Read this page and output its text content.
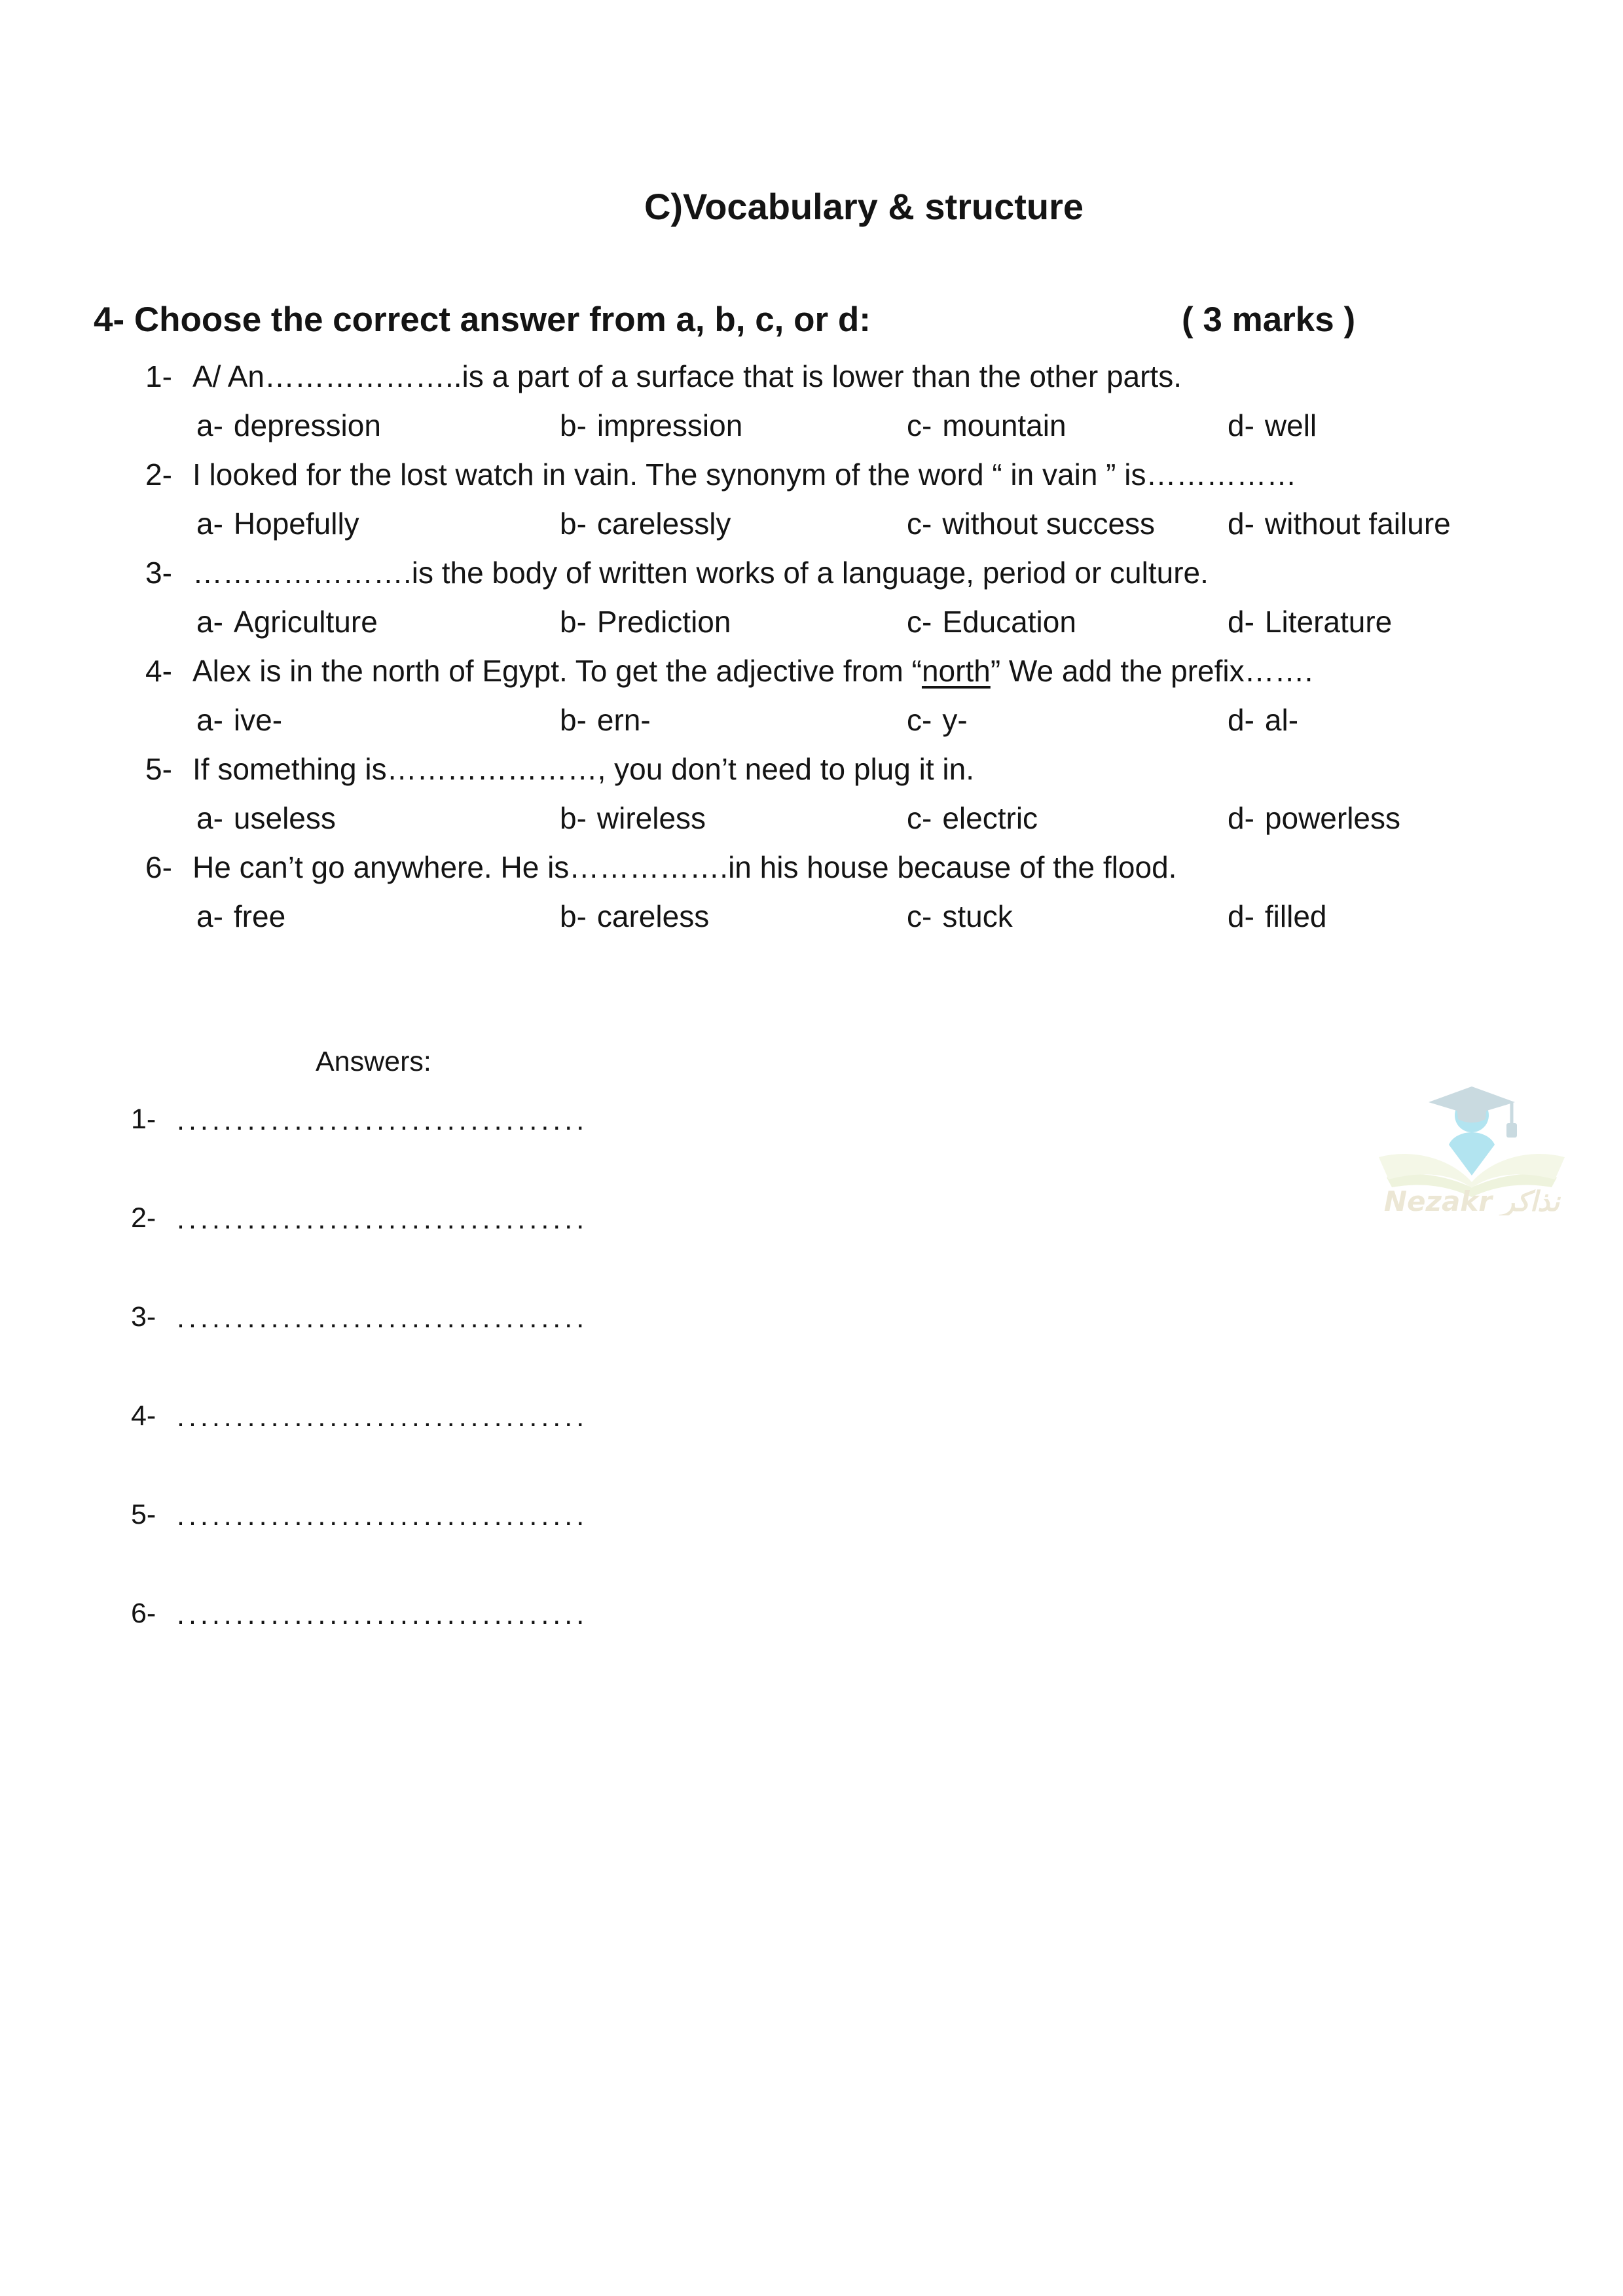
C)Vocabulary & structure
4- Choose the correct answer from a, b, c, or d:	( 3 marks )
1- A/ An………………..is a part of a surface that is lower than the other parts.
a- depression	b- impression	c- mountain	d- well
2- I looked for the lost watch in vain. The synonym of the word “ in vain ” is……………
a- Hopefully	b- carelessly	c- without success	d- without failure
3- ………………….is the body of written works of a language, period or culture.
a- Agriculture	b- Prediction	c- Education	d- Literature
4- Alex is in the north of Egypt. To get the adjective from “north” We add the prefix…….
a- ive-	b- ern-	c- y-	d- al-
5- If something is…………………, you don’t need to plug it in.
a- useless	b- wireless	c- electric	d- powerless
6- He can’t go anywhere. He is…………….in his house because of the flood.
a- free	b- careless	c- stuck	d- filled
Answers:
1- ...................................
2- ...................................
3- ...................................
4- ...................................
5- ...................................
6- ...................................
Nezakr نذاكر
